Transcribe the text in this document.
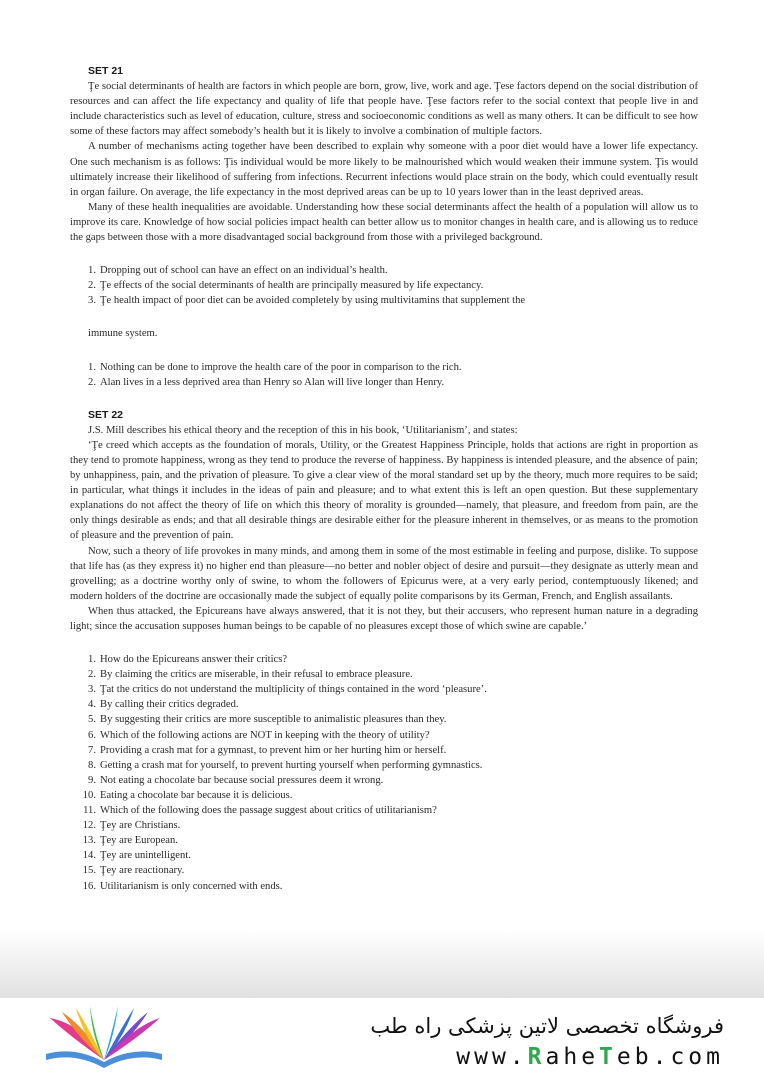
SET 21

Ţe social determinants of health are factors in which people are born, grow, live, work and age. Ţese factors depend on the social distribution of resources and can affect the life expectancy and quality of life that people have. Ţese factors refer to the social context that people live in and include characteristics such as level of education, culture, stress and socioeconomic conditions as well as many others. It can be difficult to see how some of these factors may affect somebody’s health but it is likely to involve a combination of multiple factors.

A number of mechanisms acting together have been described to explain why someone with a poor diet would have a lower life expectancy. One such mechanism is as follows: Ţis individual would be more likely to be malnourished which would weaken their immune system. Ţis would ultimately increase their likelihood of suffering from infections. Recurrent infections would place strain on the body, which could eventually result in organ failure. On average, the life expectancy in the most deprived areas can be up to 10 years lower than in the least deprived areas.

Many of these health inequalities are avoidable. Understanding how these social determinants affect the health of a population will allow us to improve its care. Knowledge of how social policies impact health can better allow us to monitor changes in health care, and is allowing us to reduce the gaps between those with a more disadvantaged social background from those with a privileged background.

1. Dropping out of school can have an effect on an individual’s health.
2. Ţe effects of the social determinants of health are principally measured by life expectancy.
3. Ţe health impact of poor diet can be avoided completely by using multivitamins that supplement the

immune system.

1. Nothing can be done to improve the health care of the poor in comparison to the rich.
2. Alan lives in a less deprived area than Henry so Alan will live longer than Henry.
SET 22

J.S. Mill describes his ethical theory and the reception of this in his book, ‘Utilitarianism’, and states:

‘Ţe creed which accepts as the foundation of morals, Utility, or the Greatest Happiness Principle, holds that actions are right in proportion as they tend to promote happiness, wrong as they tend to produce the reverse of happiness. By happiness is intended pleasure, and the absence of pain; by unhappiness, pain, and the privation of pleasure. To give a clear view of the moral standard set up by the theory, much more requires to be said; in particular, what things it includes in the ideas of pain and pleasure; and to what extent this is left an open question. But these supplementary explanations do not affect the theory of life on which this theory of morality is grounded—namely, that pleasure, and freedom from pain, are the only things desirable as ends; and that all desirable things are desirable either for the pleasure inherent in themselves, or as means to the promotion of pleasure and the prevention of pain.

Now, such a theory of life provokes in many minds, and among them in some of the most estimable in feeling and purpose, dislike. To suppose that life has (as they express it) no higher end than pleasure—no better and nobler object of desire and pursuit—they designate as utterly mean and grovelling; as a doctrine worthy only of swine, to whom the followers of Epicurus were, at a very early period, contemptuously likened; and modern holders of the doctrine are occasionally made the subject of equally polite comparisons by its German, French, and English assailants.

When thus attacked, the Epicureans have always answered, that it is not they, but their accusers, who represent human nature in a degrading light; since the accusation supposes human beings to be capable of no pleasures except those of which swine are capable.’

1. How do the Epicureans answer their critics?
2. By claiming the critics are miserable, in their refusal to embrace pleasure.
3. Ţat the critics do not understand the multiplicity of things contained in the word ‘pleasure’.
4. By calling their critics degraded.
5. By suggesting their critics are more susceptible to animalistic pleasures than they.
6. Which of the following actions are NOT in keeping with the theory of utility?
7. Providing a crash mat for a gymnast, to prevent him or her hurting him or herself.
8. Getting a crash mat for yourself, to prevent hurting yourself when performing gymnastics.
9. Not eating a chocolate bar because social pressures deem it wrong.
10. Eating a chocolate bar because it is delicious.
11. Which of the following does the passage suggest about critics of utilitarianism?
12. Ţey are Christians.
13. Ţey are European.
14. Ţey are unintelligent.
15. Ţey are reactionary.
16. Utilitarianism is only concerned with ends.
فروشگاه تخصصی لاتین پزشکی راه طب
www.RaheTeb.com
